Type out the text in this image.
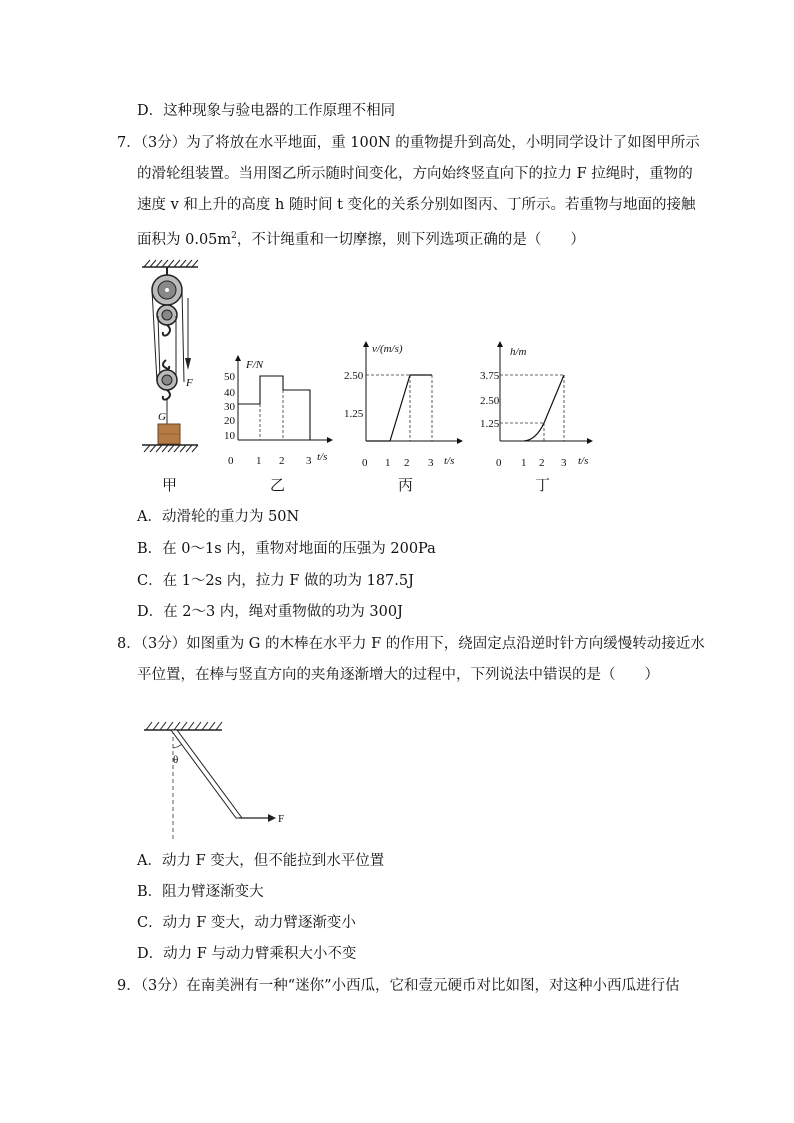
D．这种现象与验电器的工作原理不相同
7．（3分）为了将放在水平地面，重 100N 的重物提升到高处，小明同学设计了如图甲所示
的滑轮组装置。当用图乙所示随时间变化，方向始终竖直向下的拉力 F 拉绳时，重物的
速度 v 和上升的高度 h 随时间 t 变化的关系分别如图丙、丁所示。若重物与地面的接触
面积为 $0.05m^2$，不计绳重和一切摩擦，则下列选项正确的是（　　）
F
G
F/N
t/s
0
50
40
30
20
10
1 2 3
v/(m/s)
t/s
0
2.50
1.25
1 2 3
h/m
t/s
0
3.75
2.50
1.25
1 2 3
甲	乙	丙	丁
A．动滑轮的重力为 50N
B．在 0～1s 内，重物对地面的压强为 200Pa
C．在 1～2s 内，拉力 F 做的功为 187.5J
D．在 2～3 内，绳对重物做的功为 300J
8．（3分）如图重为 G 的木棒在水平力 F 的作用下，绕固定点沿逆时针方向缓慢转动接近水
平位置，在棒与竖直方向的夹角逐渐增大的过程中，下列说法中错误的是（　　）
θ
F
A．动力 F 变大，但不能拉到水平位置
B．阻力臂逐渐变大
C．动力 F 变大，动力臂逐渐变小
D．动力 F 与动力臂乘积大小不变
9．（3分）在南美洲有一种“迷你”小西瓜，它和壹元硬币对比如图，对这种小西瓜进行估
